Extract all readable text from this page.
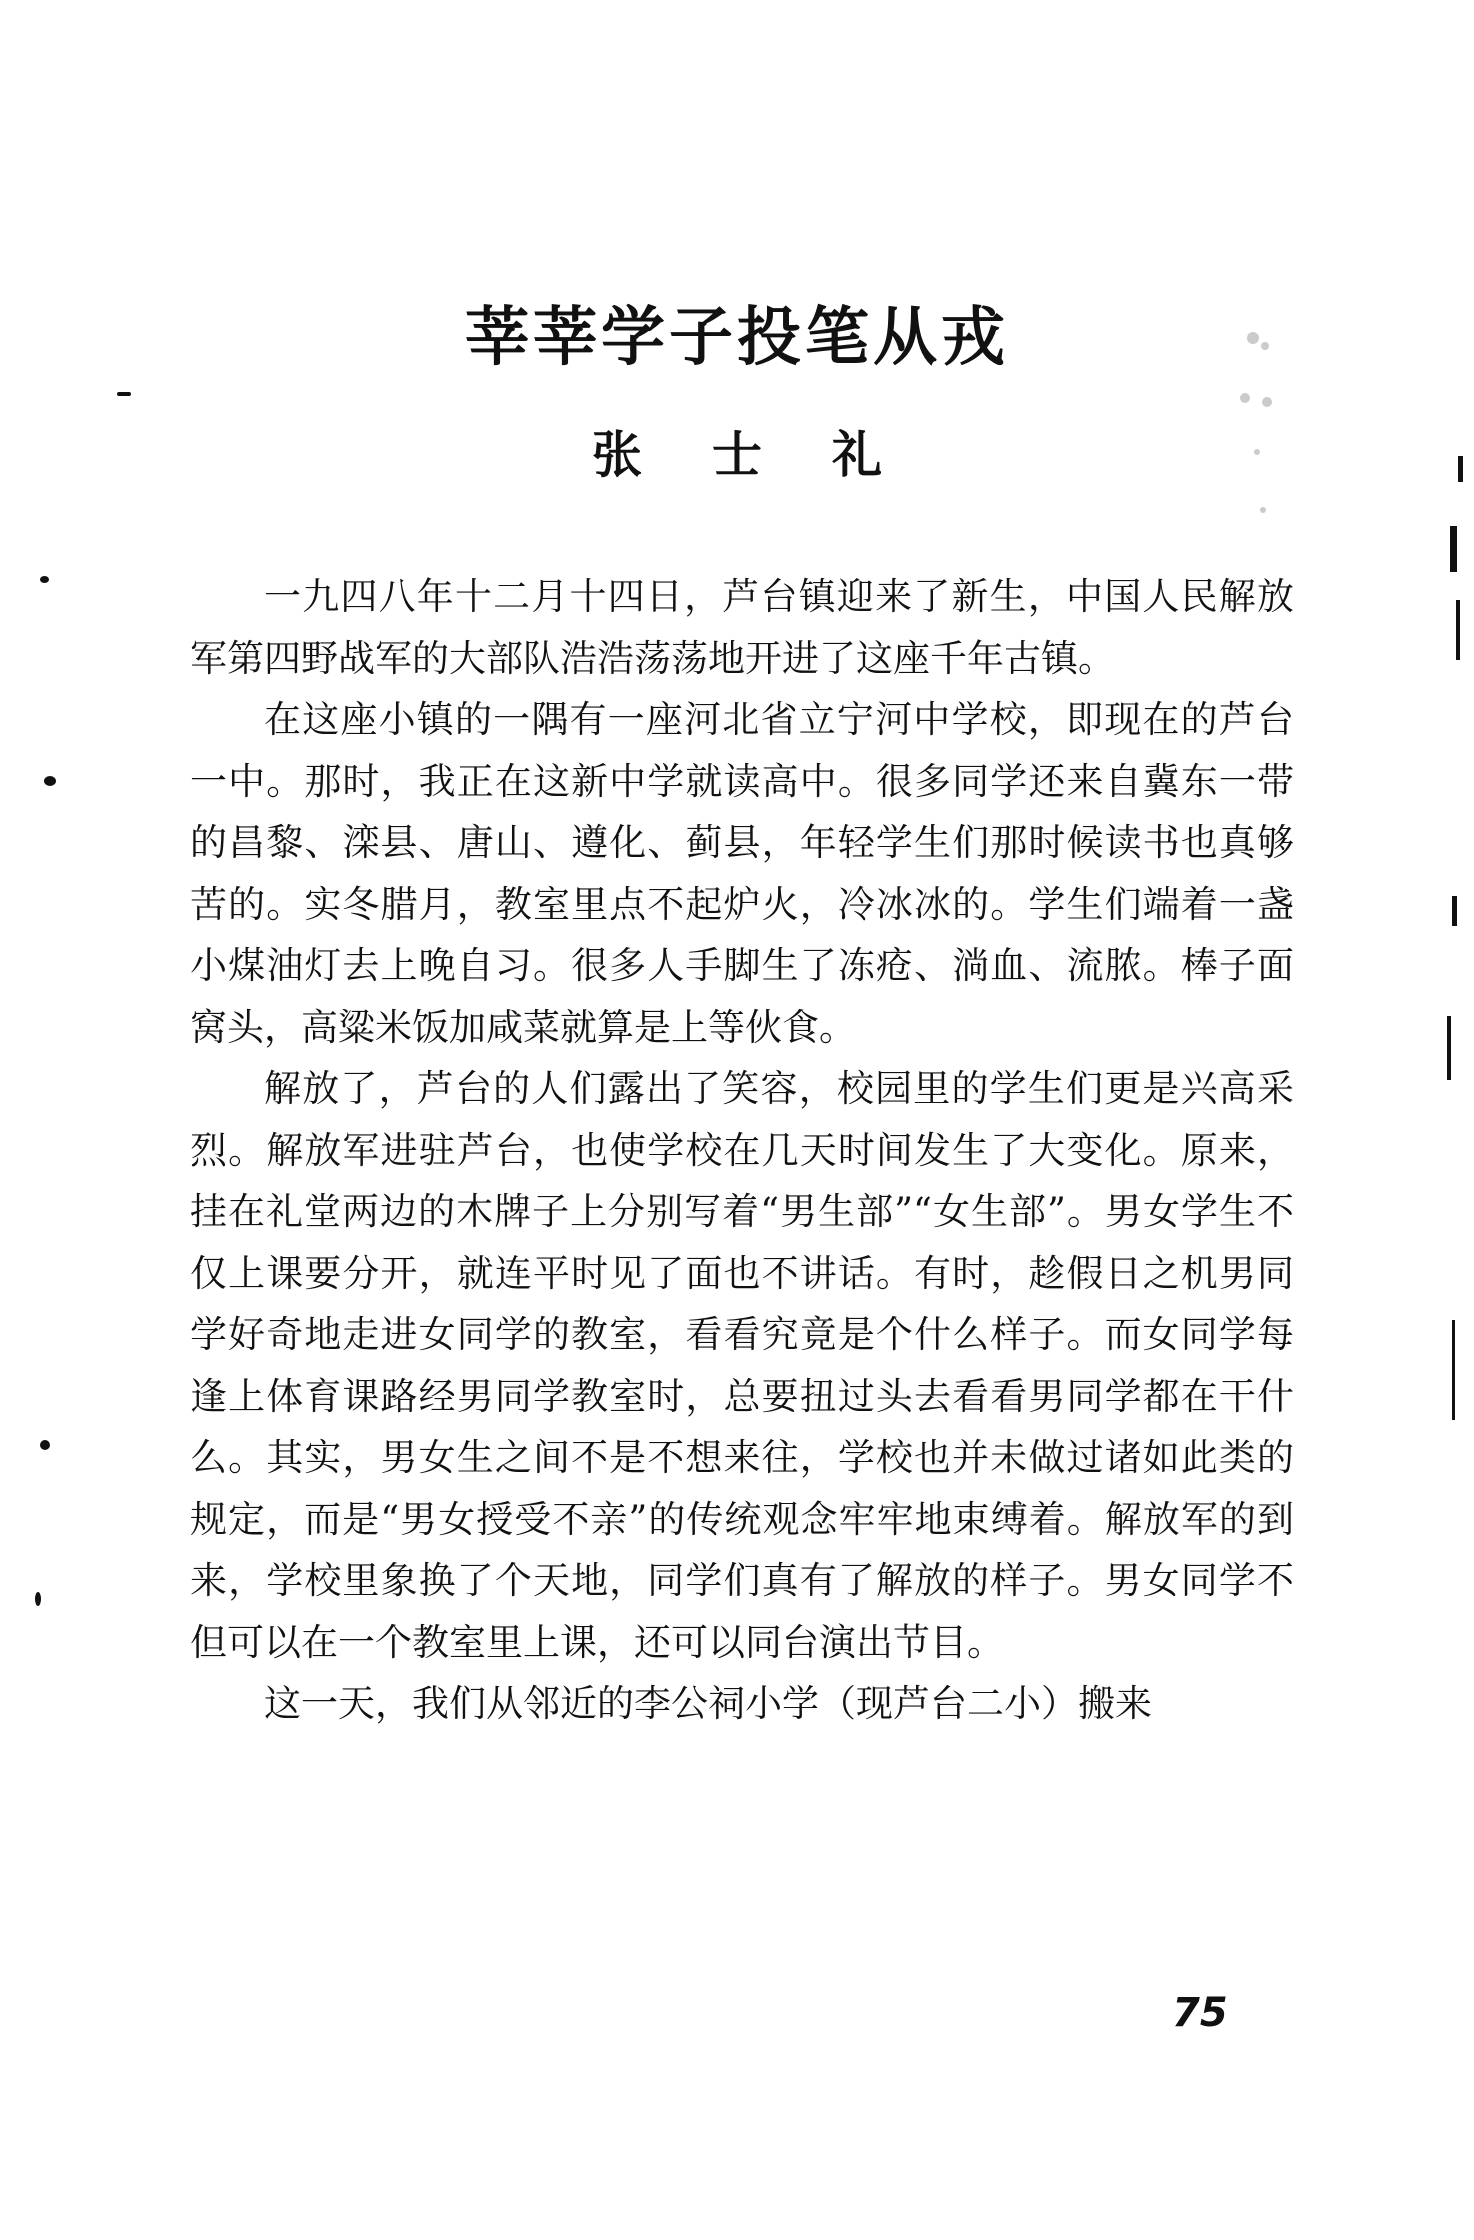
莘莘学子投笔从戎
张士礼

一九四八年十二月十四日，芦台镇迎来了新生，中国人民解放军第四野战军的大部队浩浩荡荡地开进了这座千年古镇。

在这座小镇的一隅有一座河北省立宁河中学校，即现在的芦台一中。那时，我正在这新中学就读高中。很多同学还来自冀东一带的昌黎、滦县、唐山、遵化、蓟县，年轻学生们那时候读书也真够苦的。实冬腊月，教室里点不起炉火，冷冰冰的。学生们端着一盏小煤油灯去上晚自习。很多人手脚生了冻疮、淌血、流脓。棒子面窝头，高粱米饭加咸菜就算是上等伙食。

解放了，芦台的人们露出了笑容，校园里的学生们更是兴高采烈。解放军进驻芦台，也使学校在几天时间发生了大变化。原来，挂在礼堂两边的木牌子上分别写着“男生部”“女生部”。男女学生不仅上课要分开，就连平时见了面也不讲话。有时，趁假日之机男同学好奇地走进女同学的教室，看看究竟是个什么样子。而女同学每逢上体育课路经男同学教室时，总要扭过头去看看男同学都在干什么。其实，男女生之间不是不想来往，学校也并未做过诸如此类的规定，而是“男女授受不亲”的传统观念牢牢地束缚着。解放军的到来，学校里象换了个天地，同学们真有了解放的样子。男女同学不但可以在一个教室里上课，还可以同台演出节目。

这一天，我们从邻近的李公祠小学（现芦台二小）搬来

75
